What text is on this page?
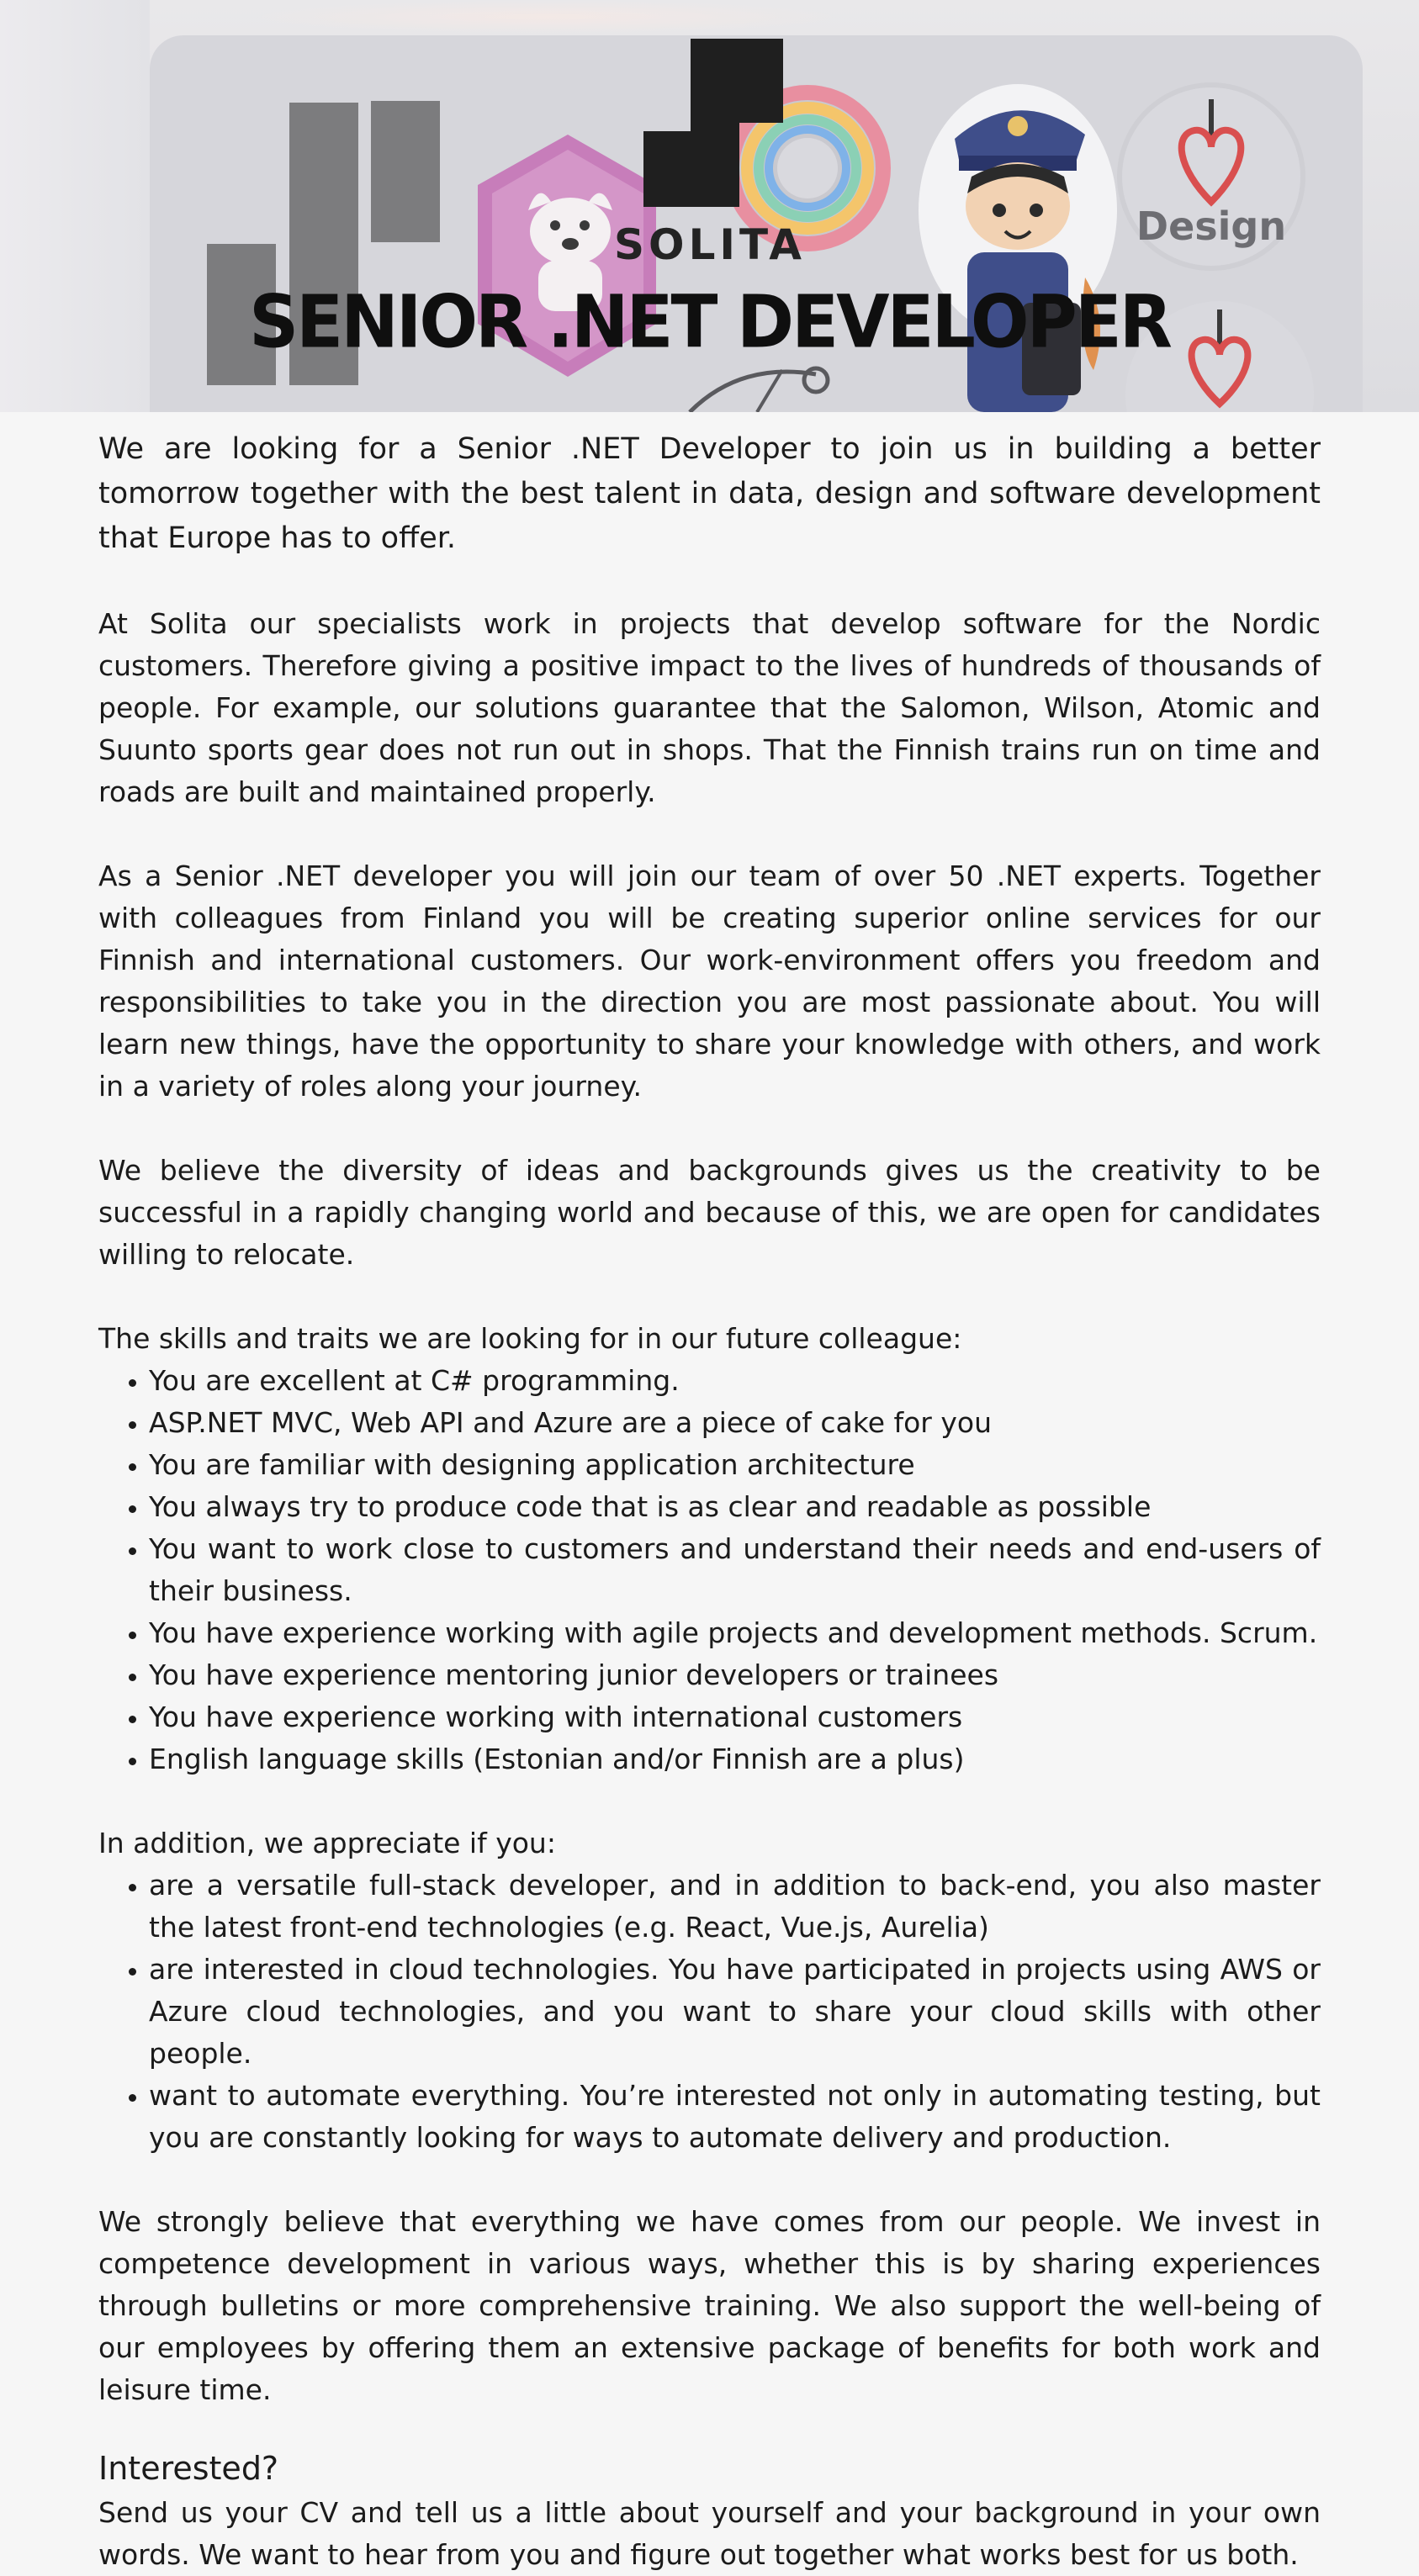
Design
SOLITA
SENIOR .NET DEVELOPER

We are looking for a Senior .NET Developer to join us in building a better tomorrow together with the best talent in data, design and software development that Europe has to offer.

At Solita our specialists work in projects that develop software for the Nordic customers. Therefore giving a positive impact to the lives of hundreds of thousands of people. For example, our solutions guarantee that the Salomon, Wilson, Atomic and Suunto sports gear does not run out in shops. That the Finnish trains run on time and roads are built and maintained properly.

As a Senior .NET developer you will join our team of over 50 .NET experts. Together with colleagues from Finland you will be creating superior online services for our Finnish and international customers. Our work-environment offers you freedom and responsibilities to take you in the direction you are most passionate about. You will learn new things, have the opportunity to share your knowledge with others, and work in a variety of roles along your journey.

We believe the diversity of ideas and backgrounds gives us the creativity to be successful in a rapidly changing world and because of this, we are open for candidates willing to relocate.

The skills and traits we are looking for in our future colleague:

• You are excellent at C# programming.
• ASP.NET MVC, Web API and Azure are a piece of cake for you
• You are familiar with designing application architecture
• You always try to produce code that is as clear and readable as possible
• You want to work close to customers and understand their needs and end-users of their business.
• You have experience working with agile projects and development methods. Scrum.
• You have experience mentoring junior developers or trainees
• You have experience working with international customers
• English language skills (Estonian and/or Finnish are a plus)

In addition, we appreciate if you:

• are a versatile full-stack developer, and in addition to back-end, you also master the latest front-end technologies (e.g. React, Vue.js, Aurelia)
• are interested in cloud technologies. You have participated in projects using AWS or Azure cloud technologies, and you want to share your cloud skills with other people.
• want to automate everything. You’re interested not only in automating testing, but you are constantly looking for ways to automate delivery and production.

We strongly believe that everything we have comes from our people. We invest in competence development in various ways, whether this is by sharing experiences through bulletins or more comprehensive training. We also support the well-being of our employees by offering them an extensive package of benefits for both work and leisure time.

Interested?

Send us your CV and tell us a little about yourself and your background in your own words. We want to hear from you and figure out together what works best for us both.
